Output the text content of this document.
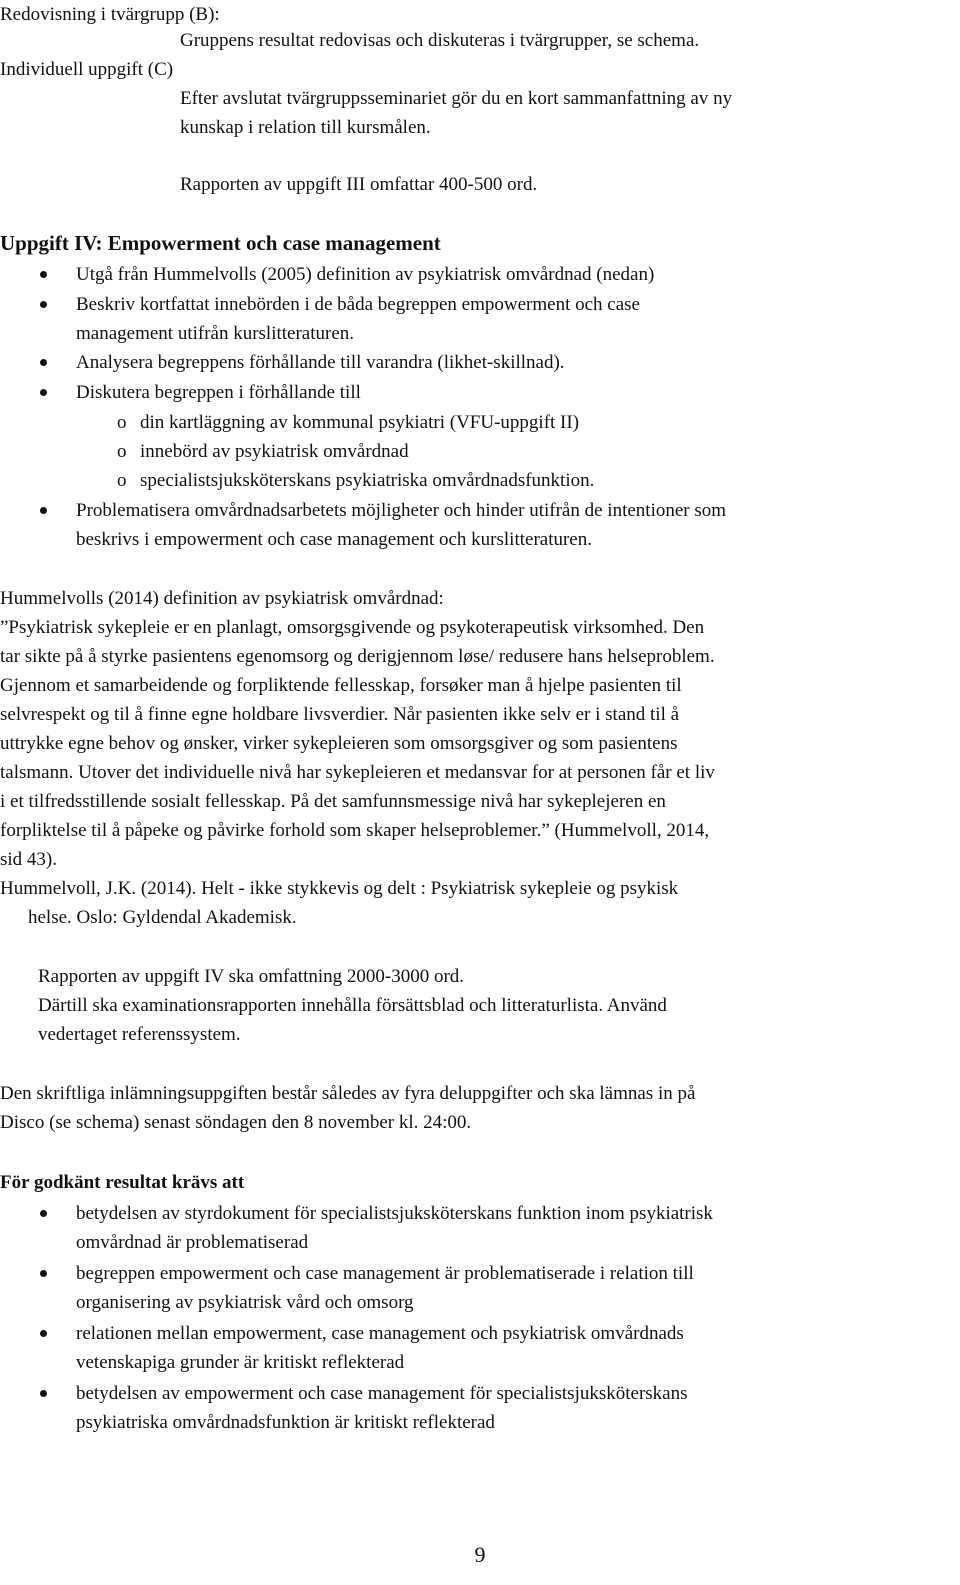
Redovisning i tvärgrupp (B):
Gruppens resultat redovisas och diskuteras i tvärgrupper, se schema.
Individuell uppgift (C)
Efter avslutat tvärgruppsseminariet gör du en kort sammanfattning av ny
kunskap i relation till kursmålen.
Rapporten av uppgift III omfattar 400-500 ord.
Uppgift IV: Empowerment och case management
Utgå från Hummelvolls (2005) definition av psykiatrisk omvårdnad (nedan)
Beskriv kortfattat innebörden i de båda begreppen empowerment och case
management utifrån kurslitteraturen.
Analysera begreppens förhållande till varandra (likhet-skillnad).
Diskutera begreppen i förhållande till
o din kartläggning av kommunal psykiatri (VFU-uppgift II)
o innebörd av psykiatrisk omvårdnad
o specialistsjuksköterskans psykiatriska omvårdnadsfunktion.
Problematisera omvårdnadsarbetets möjligheter och hinder utifrån de intentioner som
beskrivs i empowerment och case management och kurslitteraturen.
Hummelvolls (2014) definition av psykiatrisk omvårdnad:
”Psykiatrisk sykepleie er en planlagt, omsorgsgivende og psykoterapeutisk virksomhed. Den
tar sikte på å styrke pasientens egenomsorg og derigjennom løse/ redusere hans helseproblem.
Gjennom et samarbeidende og forpliktende fellesskap, forsøker man å hjelpe pasienten til
selvrespekt og til å finne egne holdbare livsverdier. Når pasienten ikke selv er i stand til å
uttrykke egne behov og ønsker, virker sykepleieren som omsorgsgiver og som pasientens
talsmann. Utover det individuelle nivå har sykepleieren et medansvar for at personen får et liv
i et tilfredsstillende sosialt fellesskap. På det samfunnsmessige nivå har sykeplejeren en
forpliktelse til å påpeke og påvirke forhold som skaper helseproblemer.” (Hummelvoll, 2014,
sid 43).
Hummelvoll, J.K. (2014). Helt - ikke stykkevis og delt : Psykiatrisk sykepleie og psykisk
helse. Oslo: Gyldendal Akademisk.
Rapporten av uppgift IV ska omfattning 2000-3000 ord.
Därtill ska examinationsrapporten innehålla försättsblad och litteraturlista. Använd
vedertaget referenssystem.
Den skriftliga inlämningsuppgiften består således av fyra deluppgifter och ska lämnas in på
Disco (se schema) senast söndagen den 8 november kl. 24:00.
För godkänt resultat krävs att
betydelsen av styrdokument för specialistsjuksköterskans funktion inom psykiatrisk
omvårdnad är problematiserad
begreppen empowerment och case management är problematiserade i relation till
organisering av psykiatrisk vård och omsorg
relationen mellan empowerment, case management och psykiatrisk omvårdnads
vetenskapiga grunder är kritiskt reflekterad
betydelsen av empowerment och case management för specialistsjuksköterskans
psykiatriska omvårdnadsfunktion är kritiskt reflekterad
9
